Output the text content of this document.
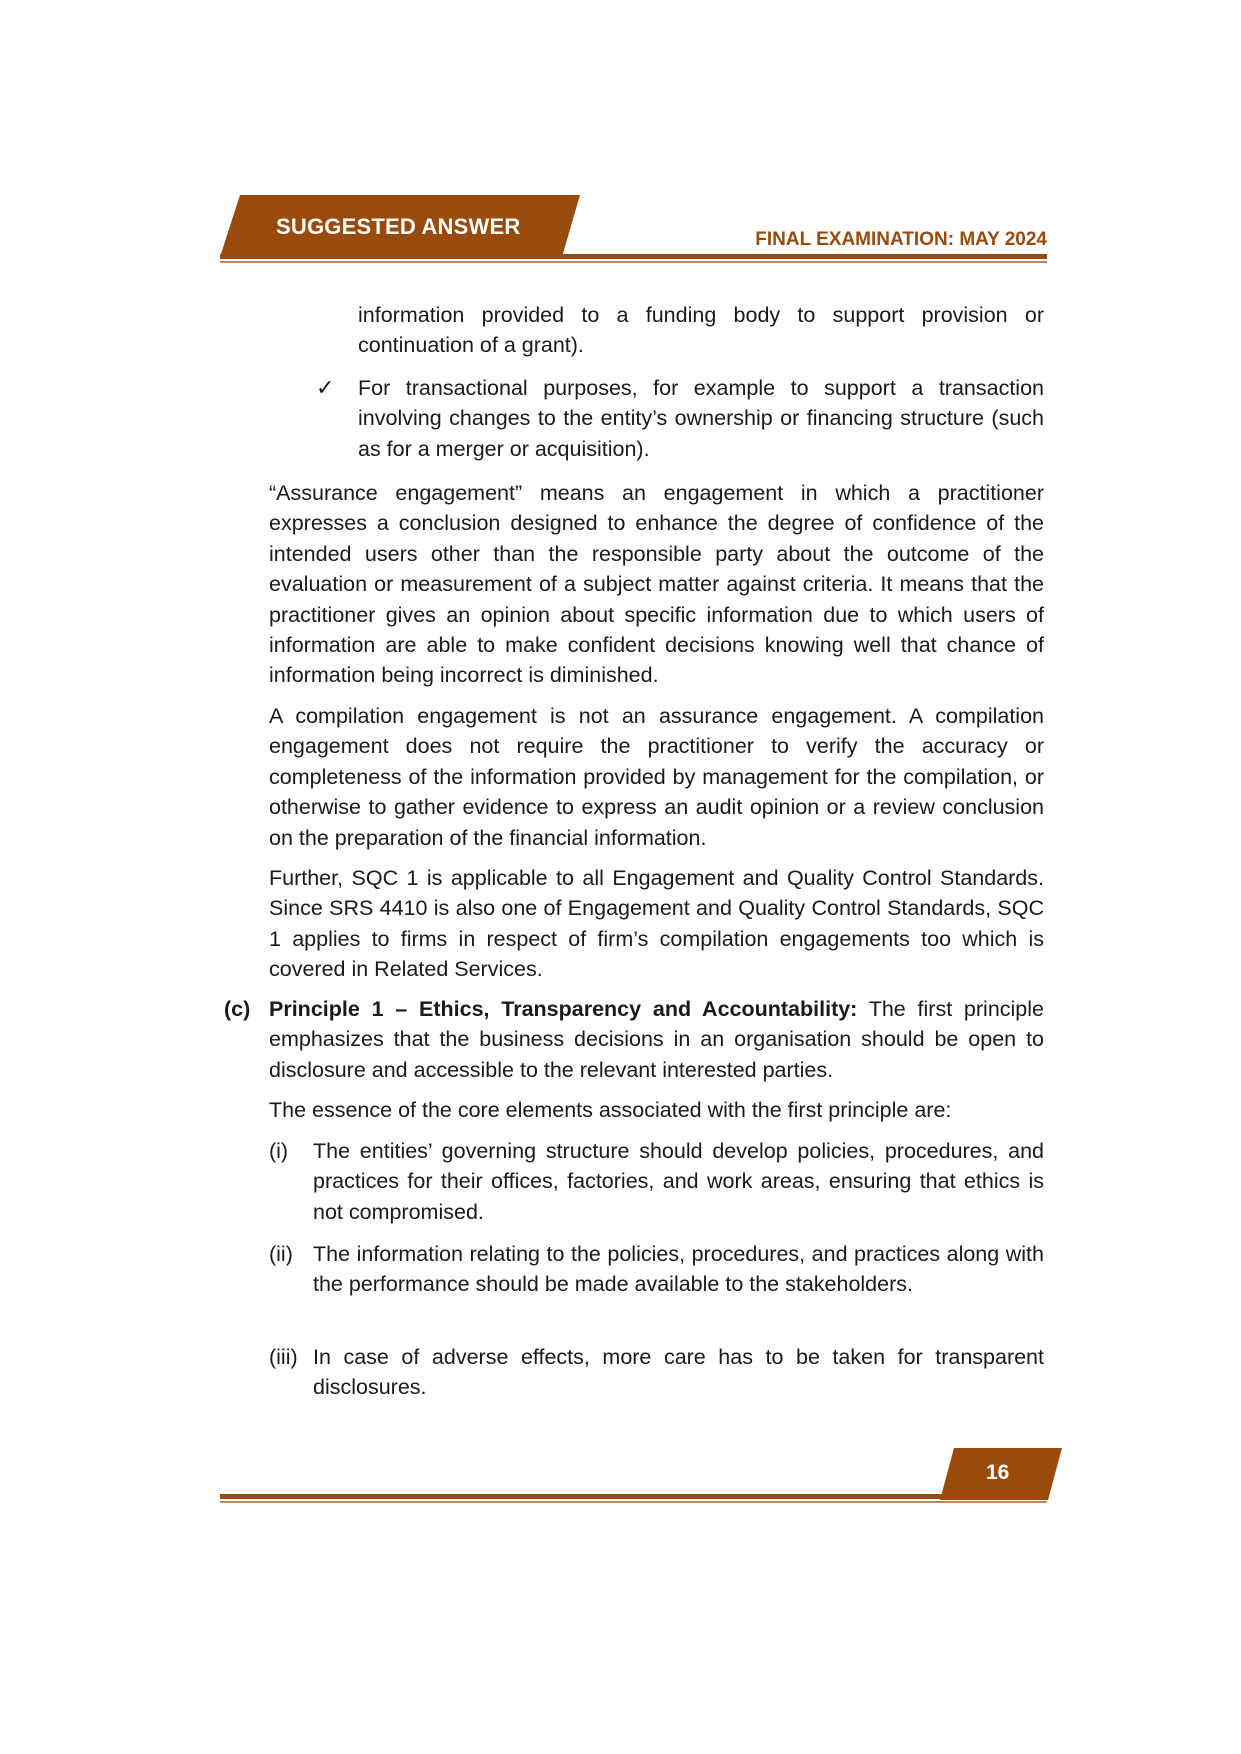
SUGGESTED ANSWER
FINAL EXAMINATION: MAY 2024

information provided to a funding body to support provision or continuation of a grant).

✓ For transactional purposes, for example to support a transaction involving changes to the entity’s ownership or financing structure (such as for a merger or acquisition).

“Assurance engagement” means an engagement in which a practitioner expresses a conclusion designed to enhance the degree of confidence of the intended users other than the responsible party about the outcome of the evaluation or measurement of a subject matter against criteria. It means that the practitioner gives an opinion about specific information due to which users of information are able to make confident decisions knowing well that chance of information being incorrect is diminished.

A compilation engagement is not an assurance engagement. A compilation engagement does not require the practitioner to verify the accuracy or completeness of the information provided by management for the compilation, or otherwise to gather evidence to express an audit opinion or a review conclusion on the preparation of the financial information.

Further, SQC 1 is applicable to all Engagement and Quality Control Standards. Since SRS 4410 is also one of Engagement and Quality Control Standards, SQC 1 applies to firms in respect of firm’s compilation engagements too which is covered in Related Services.

(c) Principle 1 – Ethics, Transparency and Accountability: The first principle emphasizes that the business decisions in an organisation should be open to disclosure and accessible to the relevant interested parties.

The essence of the core elements associated with the first principle are:

(i) The entities’ governing structure should develop policies, procedures, and practices for their offices, factories, and work areas, ensuring that ethics is not compromised.

(ii) The information relating to the policies, procedures, and practices along with the performance should be made available to the stakeholders.

(iii) In case of adverse effects, more care has to be taken for transparent disclosures.

16
